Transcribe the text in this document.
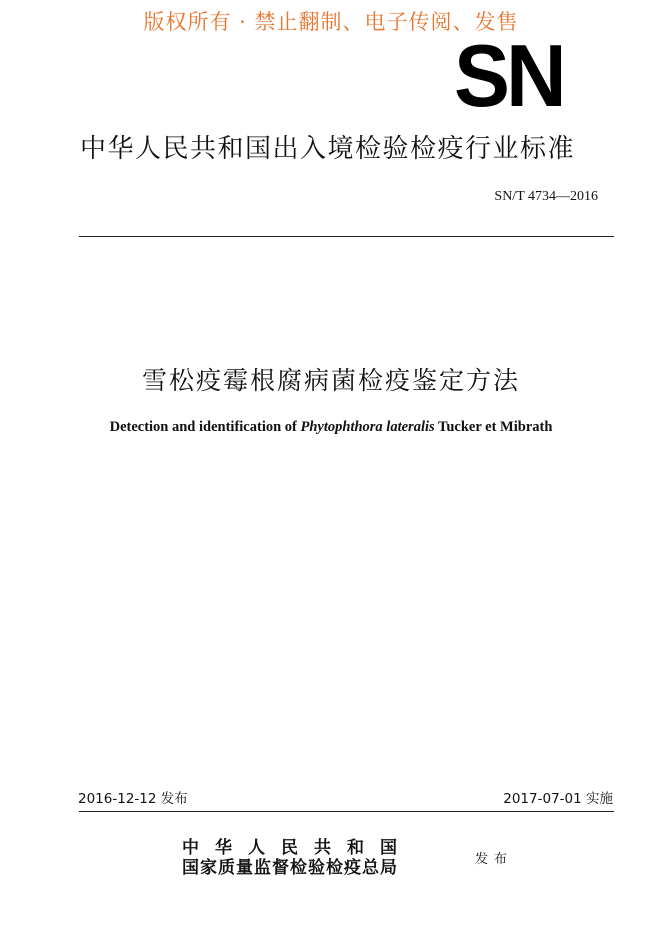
版权所有 · 禁止翻制、电子传阅、发售
SN
中华人民共和国出入境检验检疫行业标准
SN/T 4734—2016
雪松疫霉根腐病菌检疫鉴定方法
Detection and identification of Phytophthora lateralis Tucker et Mibrath
2016-12-12 发布	2017-07-01 实施
中华人民共和国
国家质量监督检验检疫总局	发布
